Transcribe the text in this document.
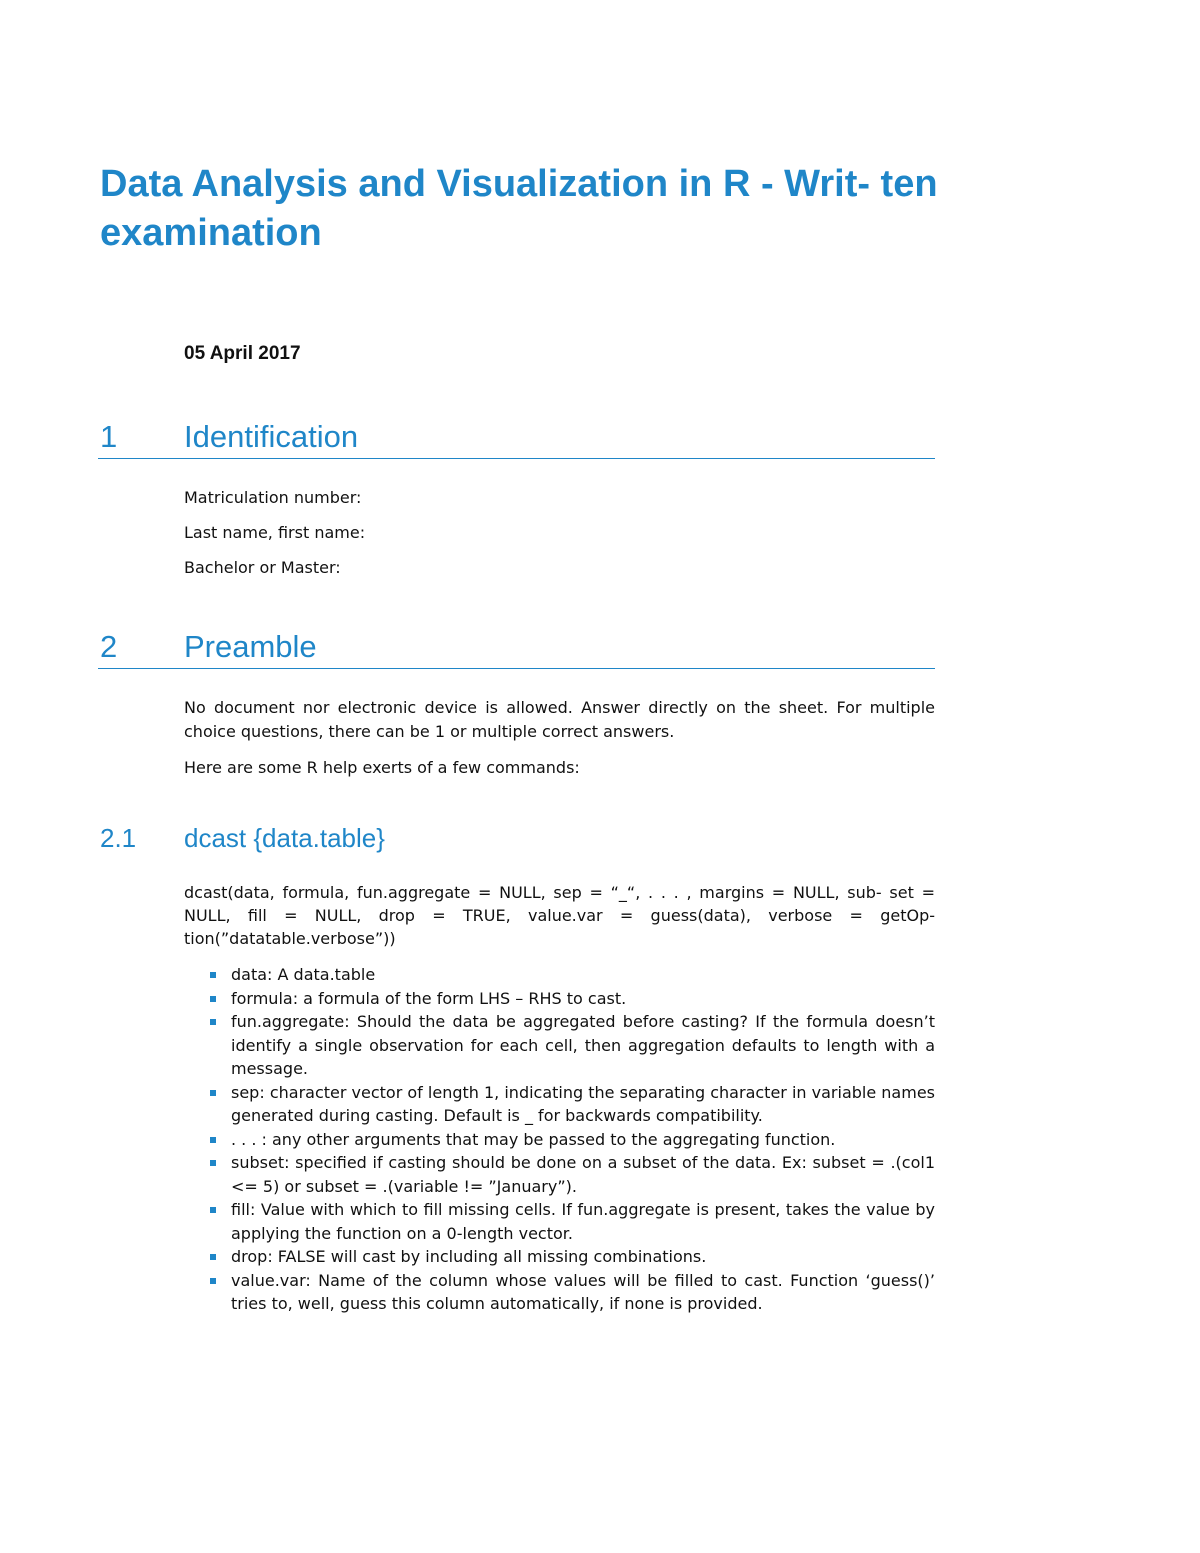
Data Analysis and Visualization in R - Writ- ten examination
05 April 2017
1 Identification
Matriculation number:
Last name, first name:
Bachelor or Master:
2 Preamble

No document nor electronic device is allowed. Answer directly on the sheet. For multiple choice questions, there can be 1 or multiple correct answers.

Here are some R help exerts of a few commands:

2.1 dcast {data.table}

dcast(data, formula, fun.aggregate = NULL, sep = “_“, . . . , margins = NULL, sub- set = NULL, fill = NULL, drop = TRUE, value.var = guess(data), verbose = getOp- tion(”datatable.verbose”))

data: A data.table
formula: a formula of the form LHS – RHS to cast.
fun.aggregate: Should the data be aggregated before casting? If the formula doesn’t identify a single observation for each cell, then aggregation defaults to length with a message.
sep: character vector of length 1, indicating the separating character in variable names generated during casting. Default is _ for backwards compatibility.
. . . : any other arguments that may be passed to the aggregating function.
subset: specified if casting should be done on a subset of the data. Ex: subset = .(col1 <= 5) or subset = .(variable != ”January”).
fill: Value with which to fill missing cells. If fun.aggregate is present, takes the value by applying the function on a 0-length vector.
drop: FALSE will cast by including all missing combinations.
value.var: Name of the column whose values will be filled to cast. Function ‘guess()’ tries to, well, guess this column automatically, if none is provided.
